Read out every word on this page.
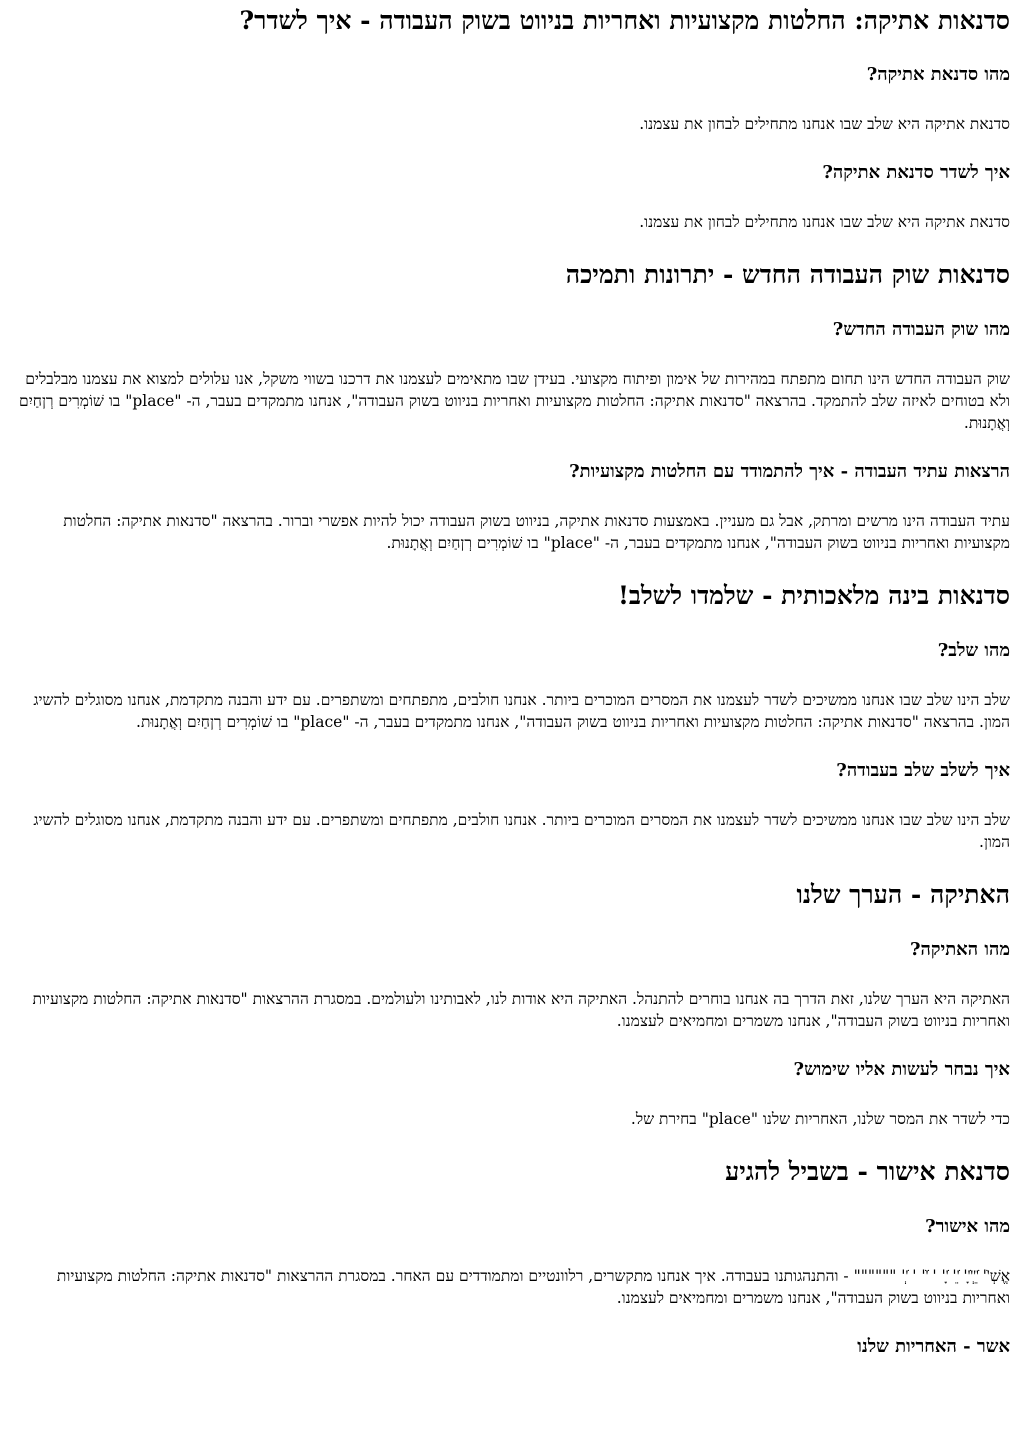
סדנאות אתיקה: החלטות מקצועיות ואחריות בניווט בשוק העבודה - איך לשדר?
מהו סדנאת אתיקה?

סדנאת אתיקה היא שלב שבו אנחנו מתחילים לבחון את עצמנו.

איך לשדר סדנאת אתיקה?

סדנאת אתיקה היא שלב שבו אנחנו מתחילים לבחון את עצמנו.

סדנאות שוק העבודה החדש - יתרונות ותמיכה
מהו שוק העבודה החדש?

שוק העבודה החדש הינו תחום מתפתח במהירות של אימון ופיתוח מקצועי. בעידן שבו מתאימים לעצמנו את דרכנו בשווי משקל, אנו עלולים למצוא את עצמנו מבלבלים ולא בטוחים לאיזה שלב להתמקד. בהרצאה "סדנאות אתיקה: החלטות מקצועיות ואחריות בניווט בשוק העבודה", אנחנו מתמקדים בעבר, ה- "place" בו שׁוֹמְרִים רְןחַיִם וְאֲתָנוּת.

הרצאות עתיד העבודה - איך להתמודד עם החלטות מקצועיות?

עתיד העבודה הינו מרשים ומרתק, אבל גם מעניין. באמצעות סדנאות אתיקה, בניווט בשוק העבודה יכול להיות אפשרי וברור. בהרצאה "סדנאות אתיקה: החלטות מקצועיות ואחריות בניווט בשוק העבודה", אנחנו מתמקדים בעבר, ה- "place" בו שׁוֹמְרִים רְןחַיִם וְאֲתָנוּת.

סדנאות בינה מלאכותית - שלמדו לשלב!
מהו שלב?

שלב הינו שלב שבו אנחנו ממשיכים לשדר לעצמנו את המסרים המוכרים ביותר. אנחנו חולבים, מתפתחים ומשתפרים. עם ידע והבנה מתקדמת, אנחנו מסוגלים להשיג המון. בהרצאה "סדנאות אתיקה: החלטות מקצועיות ואחריות בניווט בשוק העבודה", אנחנו מתמקדים בעבר, ה- "place" בו שׁוֹמְרִים רְןחַיִם וְאֲתָנוּת.

איך לשלב שלב בעבודה?

שלב הינו שלב שבו אנחנו ממשיכים לשדר לעצמנו את המסרים המוכרים ביותר. אנחנו חולבים, מתפתחים ומשתפרים. עם ידע והבנה מתקדמת, אנחנו מסוגלים להשיג המון.

האתיקה - הערך שלנו
מהו האתיקה?

האתיקה היא הערך שלנו, זאת הדרך בה אנחנו בוחרים להתנהל. האתיקה היא אודות לנו, לאבותינו ולעולמים. במסגרת ההרצאות "סדנאות אתיקה: החלטות מקצועיות ואחריות בניווט בשוק העבודה", אנחנו משמרים ומחמיאים לעצמנו.

איך נבחר לעשות אליו שימוש?

כדי לשדר את המסר שלנו, האחריות שלנו "place" בחירת של.

סדנאת אישור - בשביל להגיע
מהו אישור?

אֱשְׁ'ֹ' ֹ'ֵ'ְ'ֹ'ָ' ֹ'ֵ' ֹ'ָ' ' ֹ'ֹ' ' ֹ'ְ' """""" - והתנהגותנו בעבודה. איך אנחנו מתקשרים, רלוונטיים ומתמודדים עם האחר. במסגרת ההרצאות "סדנאות אתיקה: החלטות מקצועיות ואחריות בניווט בשוק העבודה", אנחנו משמרים ומחמיאים לעצמנו.

אשר - האחריות שלנו
